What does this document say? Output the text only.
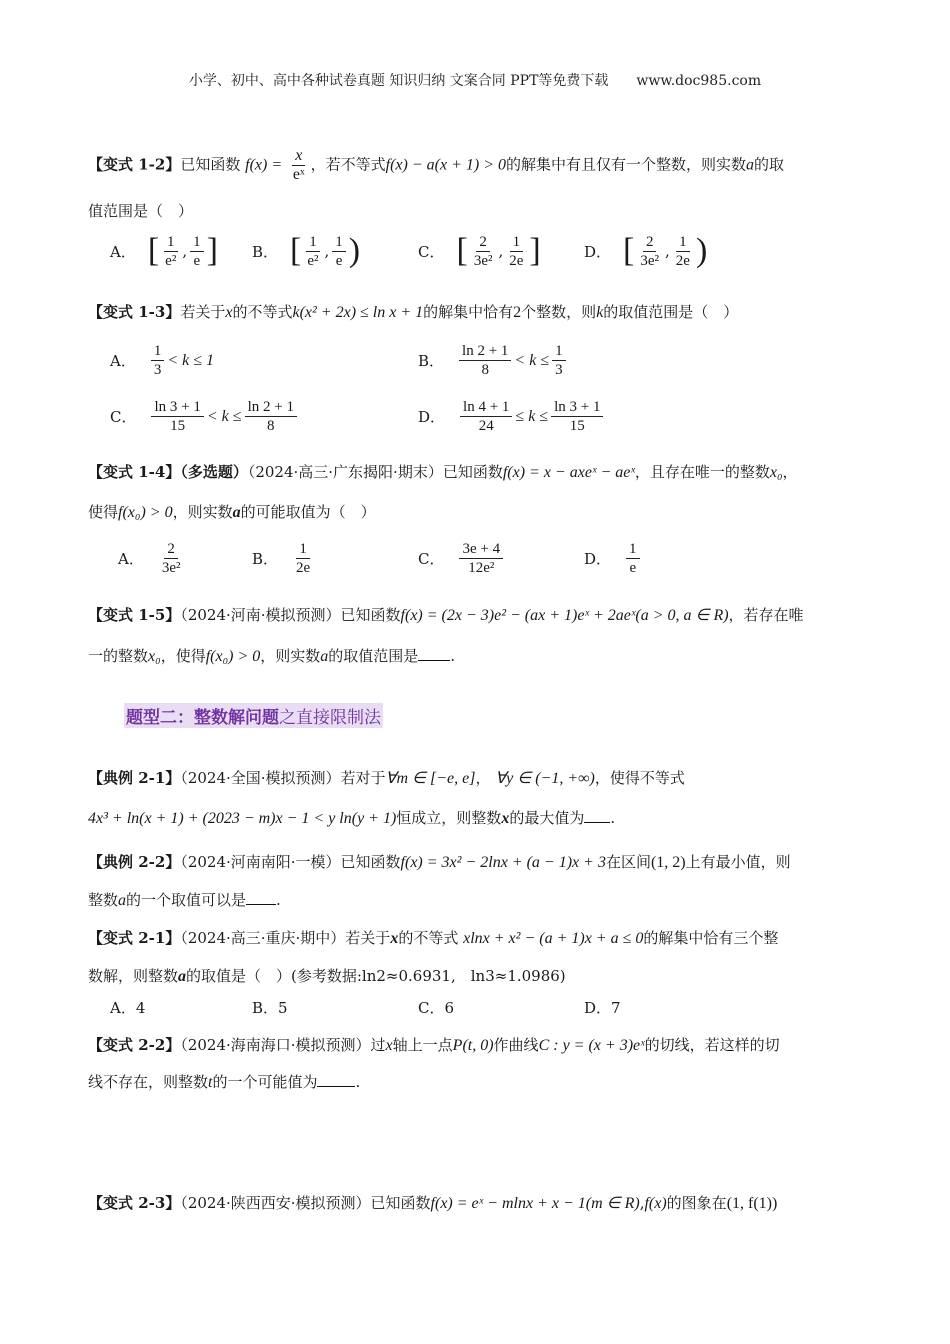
小学、初中、高中各种试卷真题 知识归纳 文案合同 PPT等免费下载 www.doc985.com
【变式 1-2】已知函数 $f(x) = \frac{x}{\text{eˣ}}$ ，若不等式f(x) − a(x + 1) > 0的解集中有且仅有一个整数，则实数a的取
值范围是（　）
A． [ $\frac{1}{\text{e²}}$ , $\frac{1}{e}$ ] B． [ $\frac{1}{\text{e²}}$ , $\frac{1}{e}$ )	C． [ $\frac{2}{\text{3e²}}$ , $\frac{1}{2e}$ ]	D． [ $\frac{2}{\text{3e²}}$ , $\frac{1}{2e}$ )
【变式 1-3】若关于x的不等式k(x² + 2x) ≤ ln x + 1的解集中恰有2个整数，则k的取值范围是（　）
A． $\frac{1}{3} < k \le 1$	B． $\frac{\ln 2 + 1}{8} < k \le \frac{1}{3}$
C． $\frac{\ln 3 + 1}{15} < k \le \frac{\ln 2 + 1}{8}$	D． $\frac{\ln 4 + 1}{24} \le k \le \frac{\ln 3 + 1}{15}$
【变式 1-4】（多选题）（2024·高三·广东揭阳·期末）已知函数f(x) = x − axeˣ − aeˣ，且存在唯一的整数x₀，
使得f(x₀) > 0，则实数a的可能取值为（　）
A． $\frac{2}{\text{3e²}}$	B． $\frac{1}{2e}$	C． $\frac{3e + 4}{\text{12e²}}$	D． $\frac{1}{e}$
【变式 1-5】（2024·河南·模拟预测）已知函数f(x) = (2x − 3)e² − (ax + 1)eˣ + 2aeˣ(a > 0, a ∈ R)，若存在唯
一的整数x₀，使得f(x₀) > 0，则实数a的取值范围是 .
题型二：整数解问题之直接限制法
【典例 2-1】（2024·全国·模拟预测）若对于∀m ∈ [−e, e]， ∀y ∈ (−1, +∞)，使得不等式
4x³ + ln(x + 1) + (2023 − m)x − 1 < y ln(y + 1)恒成立，则整数x的最大值为 .
【典例 2-2】（2024·河南南阳·一模）已知函数f(x) = 3x² − 2lnx + (a − 1)x + 3在区间(1, 2)上有最小值，则
整数a的一个取值可以是 .
【变式 2-1】（2024·高三·重庆·期中）若关于x的不等式 xlnx + x² − (a + 1)x + a ≤ 0的解集中恰有三个整
数解，则整数a的取值是（　）(参考数据:ln2≈0.6931,　ln3≈1.0986)
A．4	B．5	C．6	D．7
【变式 2-2】（2024·海南海口·模拟预测）过x轴上一点P(t, 0)作曲线C : y = (x + 3)eˣ的切线，若这样的切
线不存在，则整数t的一个可能值为	.
【变式 2-3】（2024·陕西西安·模拟预测）已知函数f(x) = eˣ − mlnx + x − 1(m ∈ R),f(x)的图象在(1, f(1))
